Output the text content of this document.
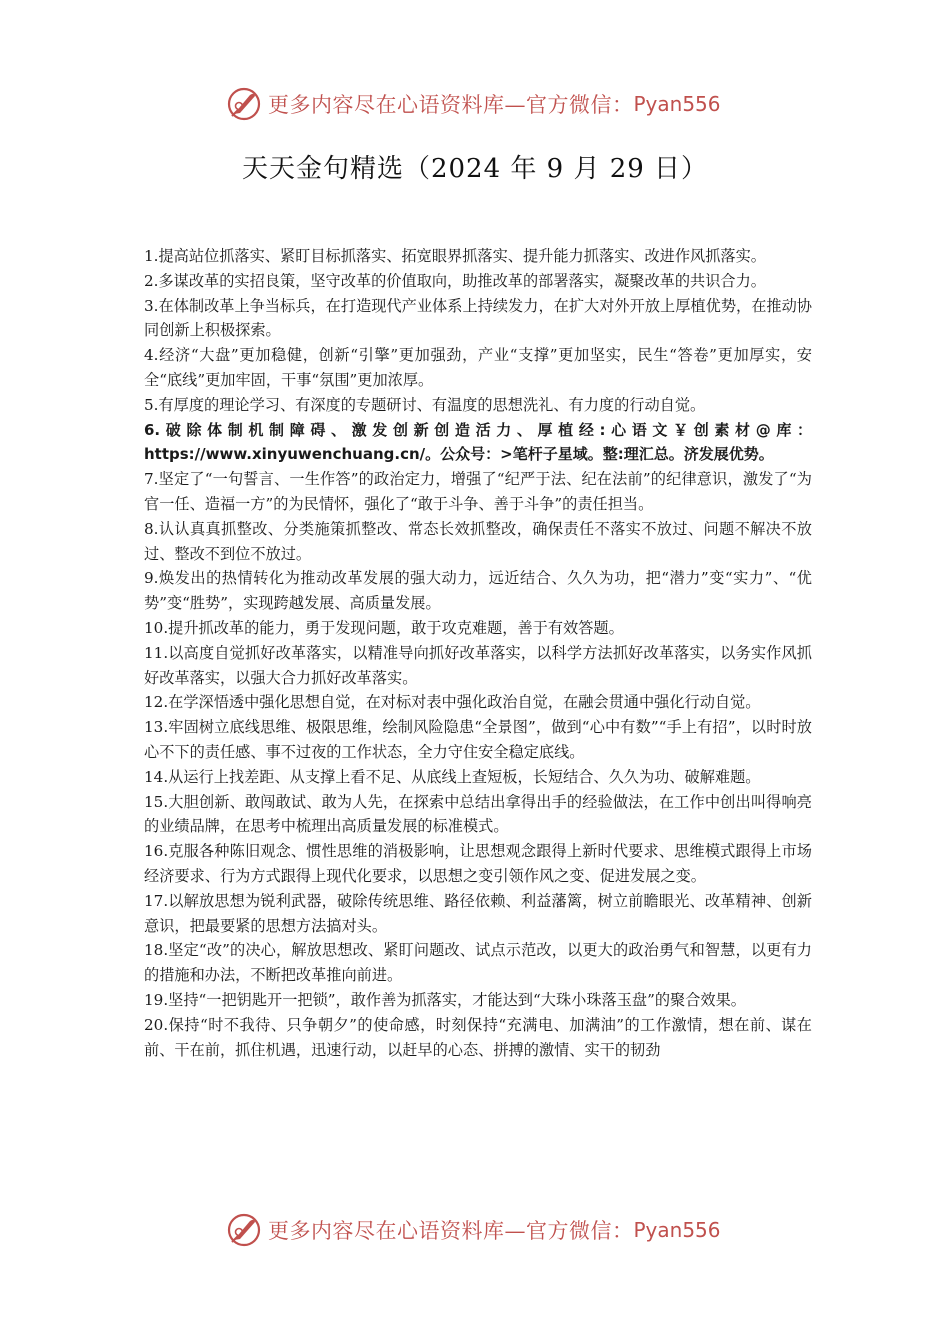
更多内容尽在心语资料库—官方微信： Pyan556
天天金句精选（2024 年 9 月 29 日）

1.提高站位抓落实、紧盯目标抓落实、拓宽眼界抓落实、提升能力抓落实、改进作风抓落实。

2.多谋改革的实招良策，坚守改革的价值取向，助推改革的部署落实，凝聚改革的共识合力。

3.在体制改革上争当标兵，在打造现代产业体系上持续发力，在扩大对外开放上厚植优势，在推动协同创新上积极探索。

4.经济“大盘”更加稳健，创新“引擎”更加强劲，产业“支撑”更加坚实，民生“答卷”更加厚实，安全“底线”更加牢固，干事“氛围”更加浓厚。

5.有厚度的理论学习、有深度的专题研讨、有温度的思想洗礼、有力度的行动自觉。

6.破除体制机制障碍、激发创新创造活力、厚植经:心语文￥创素材@库：https://www.xinyuwenchuang.cn/。公众号：>笔杆子星域。整:理汇总。济发展优势。

7.坚定了“一句誓言、一生作答”的政治定力，增强了“纪严于法、纪在法前”的纪律意识，激发了“为官一任、造福一方”的为民情怀，强化了“敢于斗争、善于斗争”的责任担当。

8.认认真真抓整改、分类施策抓整改、常态长效抓整改，确保责任不落实不放过、问题不解决不放过、整改不到位不放过。

9.焕发出的热情转化为推动改革发展的强大动力，远近结合、久久为功，把“潜力”变“实力”、“优势”变“胜势”，实现跨越发展、高质量发展。

10.提升抓改革的能力，勇于发现问题，敢于攻克难题，善于有效答题。

11.以高度自觉抓好改革落实，以精准导向抓好改革落实，以科学方法抓好改革落实，以务实作风抓好改革落实，以强大合力抓好改革落实。

12.在学深悟透中强化思想自觉，在对标对表中强化政治自觉，在融会贯通中强化行动自觉。

13.牢固树立底线思维、极限思维，绘制风险隐患“全景图”，做到“心中有数”“手上有招”，以时时放心不下的责任感、事不过夜的工作状态，全力守住安全稳定底线。

14.从运行上找差距、从支撑上看不足、从底线上查短板，长短结合、久久为功、破解难题。

15.大胆创新、敢闯敢试、敢为人先，在探索中总结出拿得出手的经验做法，在工作中创出叫得响亮的业绩品牌，在思考中梳理出高质量发展的标准模式。

16.克服各种陈旧观念、惯性思维的消极影响，让思想观念跟得上新时代要求、思维模式跟得上市场经济要求、行为方式跟得上现代化要求，以思想之变引领作风之变、促进发展之变。

17.以解放思想为锐利武器，破除传统思维、路径依赖、利益藩篱，树立前瞻眼光、改革精神、创新意识，把最要紧的思想方法搞对头。

18.坚定“改”的决心，解放思想改、紧盯问题改、试点示范改，以更大的政治勇气和智慧，以更有力的措施和办法，不断把改革推向前进。

19.坚持“一把钥匙开一把锁”，敢作善为抓落实，才能达到“大珠小珠落玉盘”的聚合效果。

20.保持“时不我待、只争朝夕”的使命感，时刻保持“充满电、加满油”的工作激情，想在前、谋在前、干在前，抓住机遇，迅速行动，以赶早的心态、拼搏的激情、实干的韧劲

更多内容尽在心语资料库—官方微信： Pyan556
